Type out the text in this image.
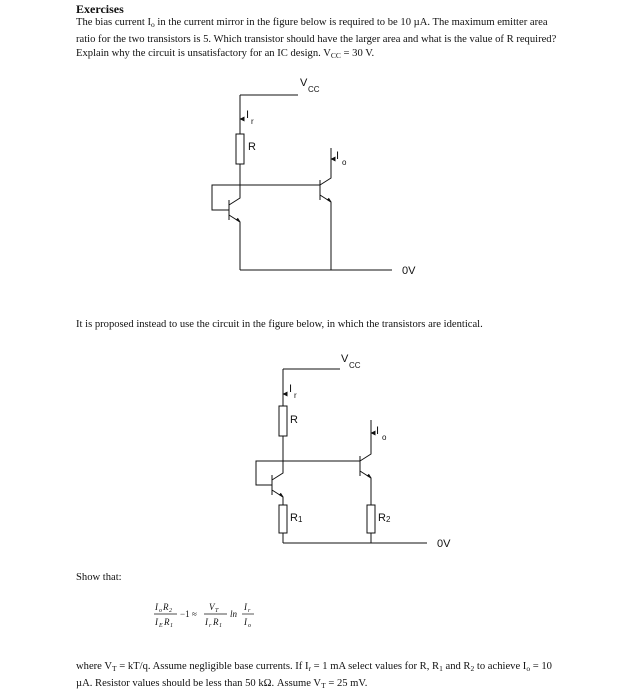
Exercises
The bias current $I_o$ in the current mirror in the figure below is required to be 10 µA. The maximum emitter area ratio for the two transistors is 5. Which transistor should have the larger area and what is the value of R required? Explain why the circuit is unsatisfactory for an IC design. $V_{CC} = 30$ V.
It is proposed instead to use the circuit in the figure below, in which the transistors are identical.
Show that:
where $V_T = kT/q$. Assume negligible base currents. If $I_r = 1$ mA select values for R, $R_1$ and $R_2$ to achieve $I_o = 10$ µA. Resistor values should be less than 50 kΩ. Assume $V_T = 25$ mV.
V
CC
I
r
R
I
o
0V
V
CC
I
r
R
I
o
R 1	R 2
0V
I o R 2
I E R 1
−1 ≈
V T
I r R 1
ln
I r
I o
